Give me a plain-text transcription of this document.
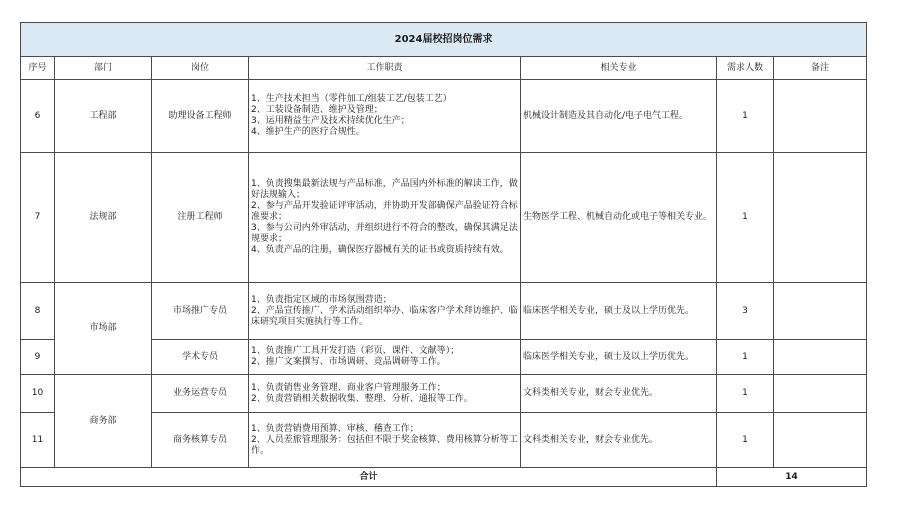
2024届校招岗位需求						
序号	部门	岗位	工作职责	相关专业	需求人数	备注
6	工程部	助理设备工程师	1、生产技术担当（零件加工/组装工艺/包装工艺）
2、工装设备制造、维护及管理；
3、运用精益生产及技术持续优化生产；
4、维护生产的医疗合规性。	机械设计制造及其自动化/电子电气工程。	1	
7	法规部	注册工程师	1、负责搜集最新法规与产品标准，产品国内外标准的解读工作，做好法规输入；
2、参与产品开发验证评审活动，并协助开发部确保产品验证符合标准要求；
3、参与公司内外审活动，并组织进行不符合的整改，确保其满足法规要求；
4、负责产品的注册，确保医疗器械有关的证书或资质持续有效。	生物医学工程、机械自动化或电子等相关专业。	1	
8	市场部	市场推广专员	1、负责指定区域的市场氛围营造；
2、产品宣传推广、学术活动组织举办、临床客户学术拜访维护、临床研究项目实施执行等工作。	临床医学相关专业，硕士及以上学历优先。	3	
9		学术专员	1、负责推广工具开发打造（彩页、课件、文献等）；
2、推广文案撰写、市场调研、竞品调研等工作。	临床医学相关专业，硕士及以上学历优先。	1	
10	商务部	业务运营专员	1、负责销售业务管理、商业客户管理服务工作；
2、负责营销相关数据收集、整理、分析、通报等工作。	文科类相关专业，财会专业优先。	1	
11		商务核算专员	1、负责营销费用预算、审核、稽查工作；
2、人员差旅管理服务：包括但不限于奖金核算、费用核算分析等工作。	文科类相关专业，财会专业优先。	1	
合计					14	
